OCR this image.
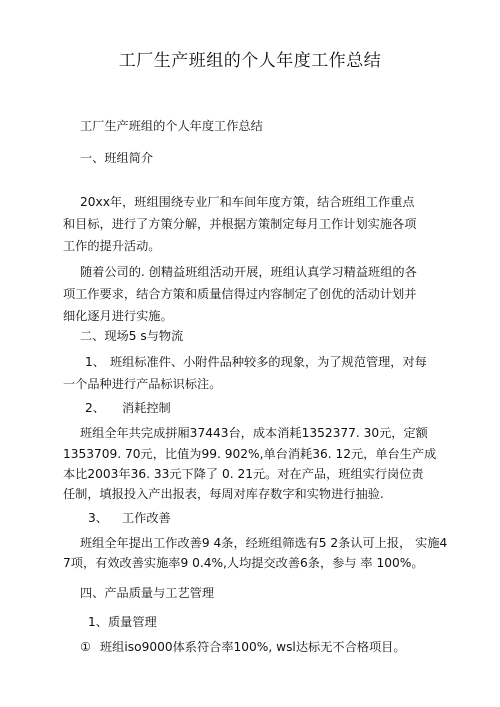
工厂生产班组的个人年度工作总结
工厂生产班组的个人年度工作总结
一、班组简介
20xx年，班组围绕专业厂和车间年度方策，结合班组工作重点
和目标，进行了方策分解，并根据方策制定每月工作计划实施各项
工作的提升活动。
随着公司的. 创精益班组活动开展，班组认真学习精益班组的各
项工作要求，结合方策和质量信得过内容制定了创优的活动计划并
细化逐月进行实施。
二、现场5 s与物流
1、 班组标准件、小附件品种较多的现象，为了规范管理，对每
一个品种进行产品标识标注。
2、 消耗控制
班组全年共完成拼厢37443台，成本消耗1352377. 30元，定额
1353709. 70元，比值为99. 902%,单台消耗36. 12元，单台生产成
本比2003年36. 33元下降了 0. 21元。对在产品，班组实行岗位责
任制，填报投入产出报表，每周对库存数字和实物进行抽验.
3、 工作改善
班组全年提出工作改善9 4条，经班组筛选有5 2条认可上报， 实施4
7项，有效改善实施率9 0.4%,人均提交改善6条，参与 率 100%。
四、产品质量与工艺管理
1、质量管理
① 班组iso9000体系符合率100%, wsl达标无不合格项目。
